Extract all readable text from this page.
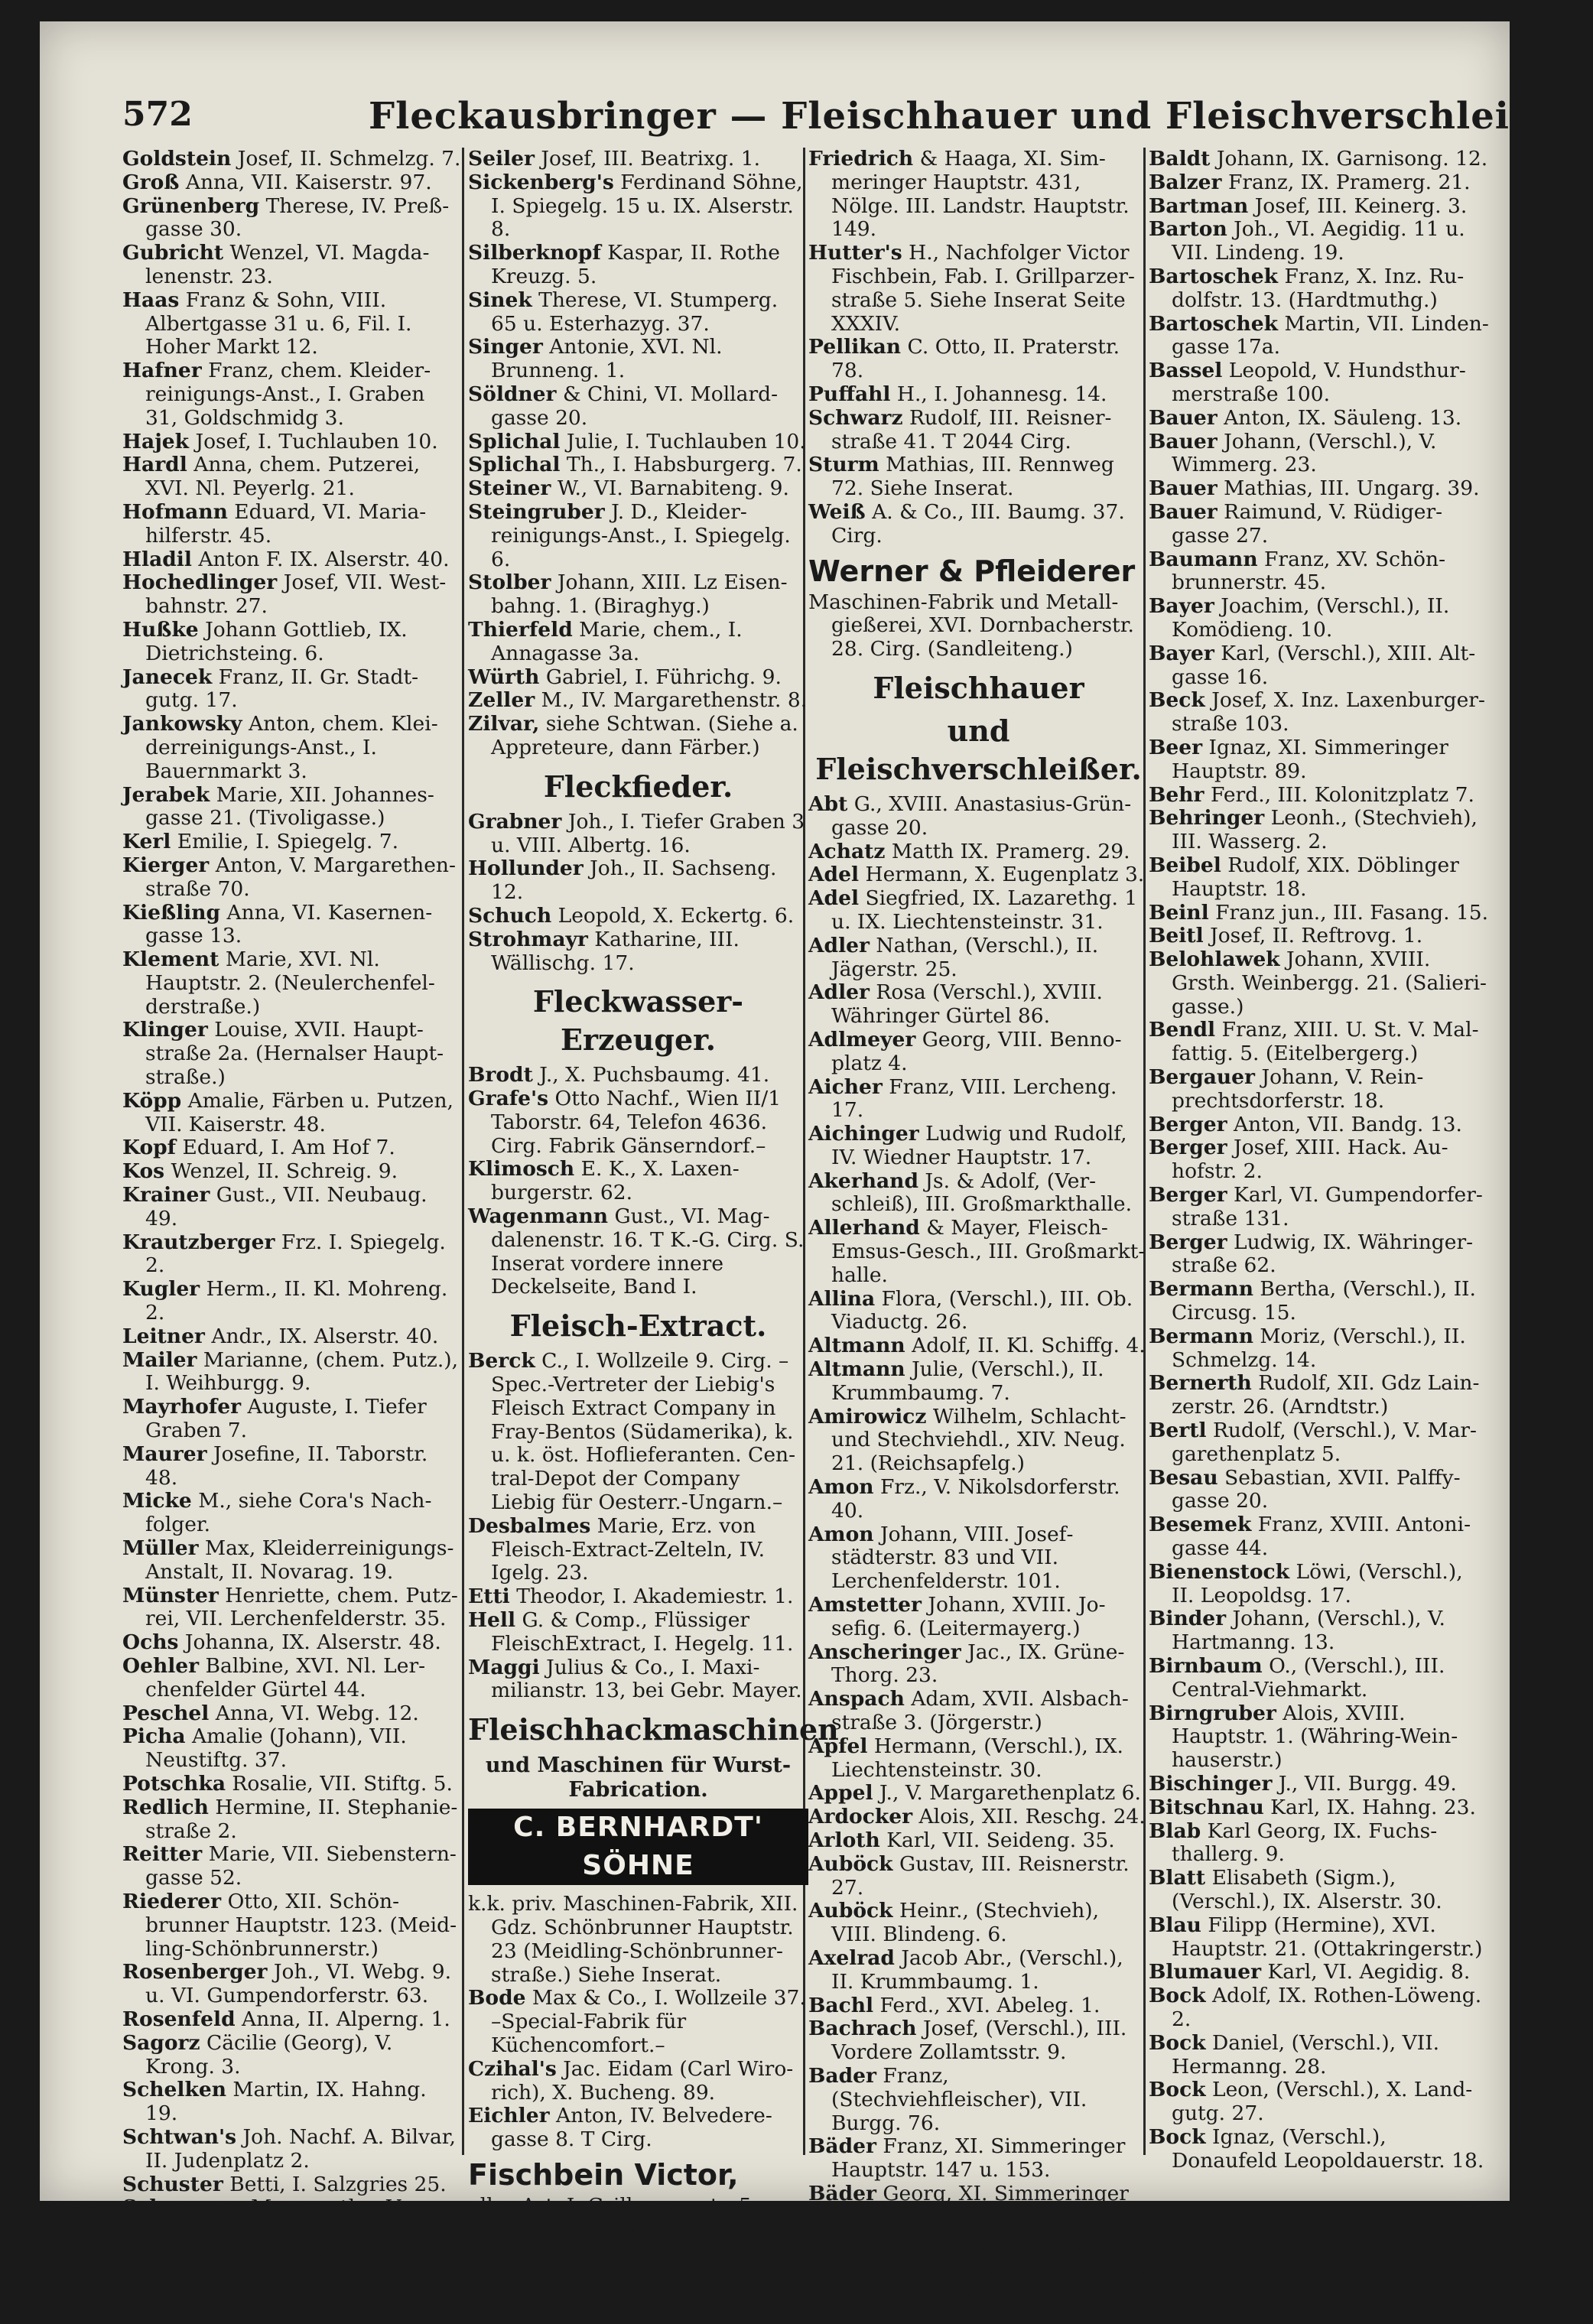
572	Fleckausbringer — Fleischhauer und Fleischverschleißer.

Goldstein Josef, II. Schmelzg. 7.

Groß Anna, VII. Kaiserstr. 97.

Grünenberg Therese, IV. Preßgasse 30.

Gubricht Wenzel, VI. Magdalenenstr. 23.

Haas Franz & Sohn, VIII. Albertgasse 31 u. 6, Fil. I. Hoher Markt 12.

Hafner Franz, chem. Kleiderreinigungs-Anst., I. Graben 31, Goldschmidg 3.

Hajek Josef, I. Tuchlauben 10.

Hardl Anna, chem. Putzerei, XVI. Nl. Peyerlg. 21.

Hofmann Eduard, VI. Mariahilferstr. 45.

Hladil Anton F. IX. Alserstr. 40.

Hochedlinger Josef, VII. Westbahnstr. 27.

Hußke Johann Gottlieb, IX. Dietrichsteing. 6.

Janecek Franz, II. Gr. Stadtgutg. 17.

Jankowsky Anton, chem. Kleiderreinigungs-Anst., I. Bauernmarkt 3.

Jerabek Marie, XII. Johannesgasse 21. (Tivoligasse.)

Kerl Emilie, I. Spiegelg. 7.

Kierger Anton, V. Margarethenstraße 70.

Kießling Anna, VI. Kasernengasse 13.

Klement Marie, XVI. Nl. Hauptstr. 2. (Neulerchenfelderstraße.)

Klinger Louise, XVII. Hauptstraße 2a. (Hernalser Hauptstraße.)

Köpp Amalie, Färben u. Putzen, VII. Kaiserstr. 48.

Kopf Eduard, I. Am Hof 7.

Kos Wenzel, II. Schreig. 9.

Krainer Gust., VII. Neubaug. 49.

Krautzberger Frz. I. Spiegelg. 2.

Kugler Herm., II. Kl. Mohreng. 2.

Leitner Andr., IX. Alserstr. 40.

Mailer Marianne, (chem. Putz.), I. Weihburgg. 9.

Mayrhofer Auguste, I. Tiefer Graben 7.

Maurer Josefine, II. Taborstr. 48.

Micke M., siehe Cora's Nachfolger.

Müller Max, Kleiderreinigungs-Anstalt, II. Novarag. 19.

Münster Henriette, chem. Putzrei, VII. Lerchenfelderstr. 35.

Ochs Johanna, IX. Alserstr. 48.

Oehler Balbine, XVI. Nl. Lerchenfelder Gürtel 44.

Peschel Anna, VI. Webg. 12.

Picha Amalie (Johann), VII. Neustiftg. 37.

Potschka Rosalie, VII. Stiftg. 5.

Redlich Hermine, II. Stephaniestraße 2.

Reitter Marie, VII. Siebensterngasse 52.

Riederer Otto, XII. Schönbrunner Hauptstr. 123. (Meidling-Schönbrunnerstr.)

Rosenberger Joh., VI. Webg. 9. u. VI. Gumpendorferstr. 63.

Rosenfeld Anna, II. Alperng. 1.

Sagorz Cäcilie (Georg), V. Krong. 3.

Schelken Martin, IX. Hahng. 19.

Schtwan's Joh. Nachf. A. Bilvar, II. Judenplatz 2.

Schuster Betti, I. Salzgries 25.

Schwanzer Margarethe, V. Ziegelofeng. 41.

Schwarz A. R., II. Körnerg. 6.

Seiler Josef, III. Beatrixg. 1.

Sickenberg's Ferdinand Söhne, I. Spiegelg. 15 u. IX. Alserstr. 8.

Silberknopf Kaspar, II. Rothe Kreuzg. 5.

Sinek Therese, VI. Stumperg. 65 u. Esterhazyg. 37.

Singer Antonie, XVI. Nl. Brunneng. 1.

Söldner & Chini, VI. Mollardgasse 20.

Splichal Julie, I. Tuchlauben 10.

Splichal Th., I. Habsburgerg. 7.

Steiner W., VI. Barnabiteng. 9.

Steingruber J. D., Kleiderreinigungs-Anst., I. Spiegelg. 6.

Stolber Johann, XIII. Lz Eisenbahng. 1. (Biraghyg.)

Thierfeld Marie, chem., I. Annagasse 3a.

Würth Gabriel, I. Führichg. 9.

Zeller M., IV. Margarethenstr. 8.

Zilvar, siehe Schtwan. (Siehe a. Appreteure, dann Färber.)

Fleckfieder.

Grabner Joh., I. Tiefer Graben 3 u. VIII. Albertg. 16.

Hollunder Joh., II. Sachseng. 12.

Schuch Leopold, X. Eckertg. 6.

Strohmayr Katharine, III. Wällischg. 17.

Fleckwasser-Erzeuger.

Brodt J., X. Puchsbaumg. 41.

Grafe's Otto Nachf., Wien II/1 Taborstr. 64, Telefon 4636. Cirg. Fabrik Gänserndorf.–

Klimosch E. K., X. Laxenburgerstr. 62.

Wagenmann Gust., VI. Magdalenenstr. 16. T K.-G. Cirg. S. Inserat vordere innere Deckelseite, Band I.

Fleisch-Extract.

Berck C., I. Wollzeile 9. Cirg. –Spec.-Vertreter der Liebig's Fleisch Extract Company in Fray-Bentos (Südamerika), k. u. k. öst. Hoflieferanten. Central-Depot der Company Liebig für Oesterr.-Ungarn.–

Desbalmes Marie, Erz. von Fleisch-Extract-Zelteln, IV. Igelg. 23.

Etti Theodor, I. Akademiestr. 1.

Hell G. & Comp., Flüssiger FleischExtract, I. Hegelg. 11.

Maggi Julius & Co., I. Maximilianstr. 13, bei Gebr. Mayer.

Fleischhackmaschinen
und Maschinen für WurstFabrication.
C. BERNHARDT' SÖHNE

k.k. priv. Maschinen-Fabrik, XII. Gdz. Schönbrunner Hauptstr. 23 (Meidling-Schönbrunnerstraße.) Siehe Inserat.

Bode Max & Co., I. Wollzeile 37. –Special-Fabrik für Küchencomfort.–

Czihal's Jac. Eidam (Carl Wirorich), X. Bucheng. 89.

Eichler Anton, IV. Belvederegasse 8. T Cirg.

Fischbein Victor,

aller Art, I. Grillparzerstr. 5. Siehe Ins. S. XXXIV.

Friedrich & Haaga, XI. Simmeringer Hauptstr. 431, Nölge. III. Landstr. Hauptstr. 149.

Hutter's H., Nachfolger Victor Fischbein, Fab. I. Grillparzerstraße 5. Siehe Inserat Seite XXXIV.

Pellikan C. Otto, II. Praterstr. 78.

Puffahl H., I. Johannesg. 14.

Schwarz Rudolf, III. Reisnerstraße 41. T 2044 Cirg.

Sturm Mathias, III. Rennweg 72. Siehe Inserat.

Weiß A. & Co., III. Baumg. 37. Cirg.

Werner & Pfleiderer

Maschinen-Fabrik und Metallgießerei, XVI. Dornbacherstr. 28. Cirg. (Sandleiteng.)

Fleischhauer
und Fleischverschleißer.

Abt G., XVIII. Anastasius-Grüngasse 20.

Achatz Matth IX. Pramerg. 29.

Adel Hermann, X. Eugenplatz 3.

Adel Siegfried, IX. Lazarethg. 1 u. IX. Liechtensteinstr. 31.

Adler Nathan, (Verschl.), II. Jägerstr. 25.

Adler Rosa (Verschl.), XVIII. Währinger Gürtel 86.

Adlmeyer Georg, VIII. Bennoplatz 4.

Aicher Franz, VIII. Lercheng. 17.

Aichinger Ludwig und Rudolf, IV. Wiedner Hauptstr. 17.

Akerhand Js. & Adolf, (Verschleiß), III. Großmarkthalle.

Allerhand & Mayer, FleischEmsus-Gesch., III. Großmarkthalle.

Allina Flora, (Verschl.), III. Ob. Viaductg. 26.

Altmann Adolf, II. Kl. Schiffg. 4.

Altmann Julie, (Verschl.), II. Krummbaumg. 7.

Amirowicz Wilhelm, Schlachtund Stechviehdl., XIV. Neug. 21. (Reichsapfelg.)

Amon Frz., V. Nikolsdorferstr. 40.

Amon Johann, VIII. Josefstädterstr. 83 und VII. Lerchenfelderstr. 101.

Amstetter Johann, XVIII. Josefig. 6. (Leitermayerg.)

Anscheringer Jac., IX. GrüneThorg. 23.

Anspach Adam, XVII. Alsbachstraße 3. (Jörgerstr.)

Apfel Hermann, (Verschl.), IX. Liechtensteinstr. 30.

Appel J., V. Margarethenplatz 6.

Ardocker Alois, XII. Reschg. 24.

Arloth Karl, VII. Seideng. 35.

Auböck Gustav, III. Reisnerstr. 27.

Auböck Heinr., (Stechvieh), VIII. Blindeng. 6.

Axelrad Jacob Abr., (Verschl.), II. Krummbaumg. 1.

Bachl Ferd., XVI. Abeleg. 1.

Bachrach Josef, (Verschl.), III. Vordere Zollamtsstr. 9.

Bader Franz, (Stechviehfleischer), VII. Burgg. 76.

Bäder Franz, XI. Simmeringer Hauptstr. 147 u. 153.

Bäder Georg, XI. Simmeringer Hauptstr. 117.

Baier Salomon, (Verschl.), II. Theresieng. 1. (Adambergerg.)

Baier Samuel, (Verschl.), IX. Grüne-Thorg. 10.

Baldt Johann, IX. Garnisong. 12.

Balzer Franz, IX. Pramerg. 21.

Bartman Josef, III. Keinerg. 3.

Barton Joh., VI. Aegidig. 11 u. VII. Lindeng. 19.

Bartoschek Franz, X. Inz. Rudolfstr. 13. (Hardtmuthg.)

Bartoschek Martin, VII. Lindengasse 17a.

Bassel Leopold, V. Hundsthurmerstraße 100.

Bauer Anton, IX. Säuleng. 13.

Bauer Johann, (Verschl.), V. Wimmerg. 23.

Bauer Mathias, III. Ungarg. 39.

Bauer Raimund, V. Rüdigergasse 27.

Baumann Franz, XV. Schönbrunnerstr. 45.

Bayer Joachim, (Verschl.), II. Komödieng. 10.

Bayer Karl, (Verschl.), XIII. Altgasse 16.

Beck Josef, X. Inz. Laxenburgerstraße 103.

Beer Ignaz, XI. Simmeringer Hauptstr. 89.

Behr Ferd., III. Kolonitzplatz 7.

Behringer Leonh., (Stechvieh), III. Wasserg. 2.

Beibel Rudolf, XIX. Döblinger Hauptstr. 18.

Beinl Franz jun., III. Fasang. 15.

Beitl Josef, II. Reftrovg. 1.

Belohlawek Johann, XVIII. Grsth. Weinbergg. 21. (Salierigasse.)

Bendl Franz, XIII. U. St. V. Malfattig. 5. (Eitelbergerg.)

Bergauer Johann, V. Reinprechtsdorferstr. 18.

Berger Anton, VII. Bandg. 13.

Berger Josef, XIII. Hack. Auhofstr. 2.

Berger Karl, VI. Gumpendorferstraße 131.

Berger Ludwig, IX. Währingerstraße 62.

Bermann Bertha, (Verschl.), II. Circusg. 15.

Bermann Moriz, (Verschl.), II. Schmelzg. 14.

Bernerth Rudolf, XII. Gdz Lainzerstr. 26. (Arndtstr.)

Bertl Rudolf, (Verschl.), V. Margarethenplatz 5.

Besau Sebastian, XVII. Palffygasse 20.

Besemek Franz, XVIII. Antonigasse 44.

Bienenstock Löwi, (Verschl.), II. Leopoldsg. 17.

Binder Johann, (Verschl.), V. Hartmanng. 13.

Birnbaum O., (Verschl.), III. Central-Viehmarkt.

Birngruber Alois, XVIII. Hauptstr. 1. (Währing-Weinhauserstr.)

Bischinger J., VII. Burgg. 49.

Bitschnau Karl, IX. Hahng. 23.

Blab Karl Georg, IX. Fuchsthallerg. 9.

Blatt Elisabeth (Sigm.), (Verschl.), IX. Alserstr. 30.

Blau Filipp (Hermine), XVI. Hauptstr. 21. (Ottakringerstr.)

Blumauer Karl, VI. Aegidig. 8.

Bock Adolf, IX. Rothen-Löweng. 2.

Bock Daniel, (Verschl.), VII. Hermanng. 28.

Bock Leon, (Verschl.), X. Landgutg. 27.

Bock Ignaz, (Verschl.), Donaufeld Leopoldauerstr. 18.
